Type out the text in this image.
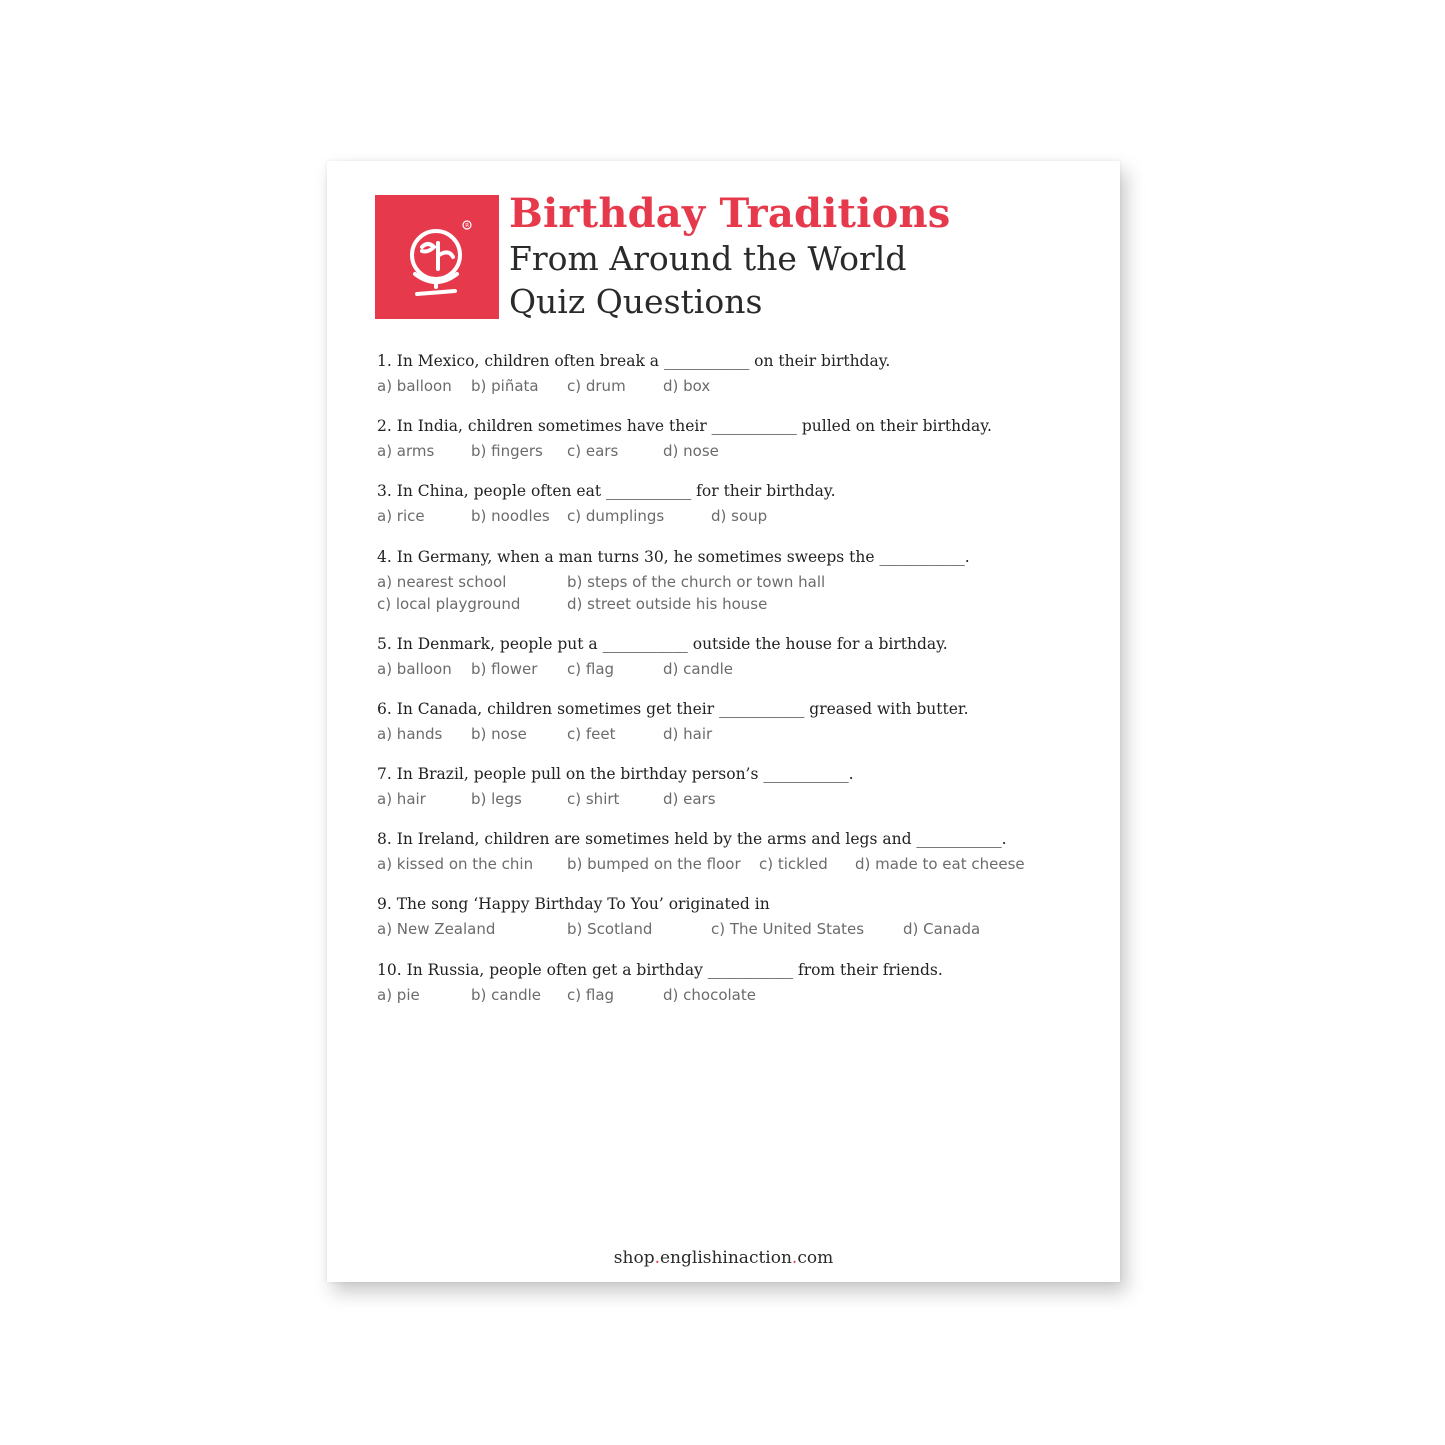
R Birthday Traditions
From Around the World
Quiz Questions
1. In Mexico, children often break a ___________ on their birthday.
a) balloon b) piñata c) drum d) box
2. In India, children sometimes have their ___________ pulled on their birthday.
a) arms b) fingers c) ears	d) nose
3. In China, people often eat ___________ for their birthday.
a) rice	b) noodles c) dumplings	d) soup
4. In Germany, when a man turns 30, he sometimes sweeps the ___________.
a) nearest school	b) steps of the church or town hall
c) local playground	d) street outside his house
5. In Denmark, people put a ___________ outside the house for a birthday.
a) balloon b) flower c) flag	d) candle
6. In Canada, children sometimes get their ___________ greased with butter.
a) hands b) nose	c) feet	d) hair
7. In Brazil, people pull on the birthday person’s ___________.
a) hair	b) legs	c) shirt	d) ears
8. In Ireland, children are sometimes held by the arms and legs and ___________.
a) kissed on the chin b) bumped on the floor c) tickled d) made to eat cheese
9. The song ‘Happy Birthday To You’ originated in
a) New Zealand	b) Scotland	c) The United States	d) Canada
10. In Russia, people often get a birthday ___________ from their friends.
a) pie	b) candle c) flag	d) chocolate
shop.englishinaction.com
